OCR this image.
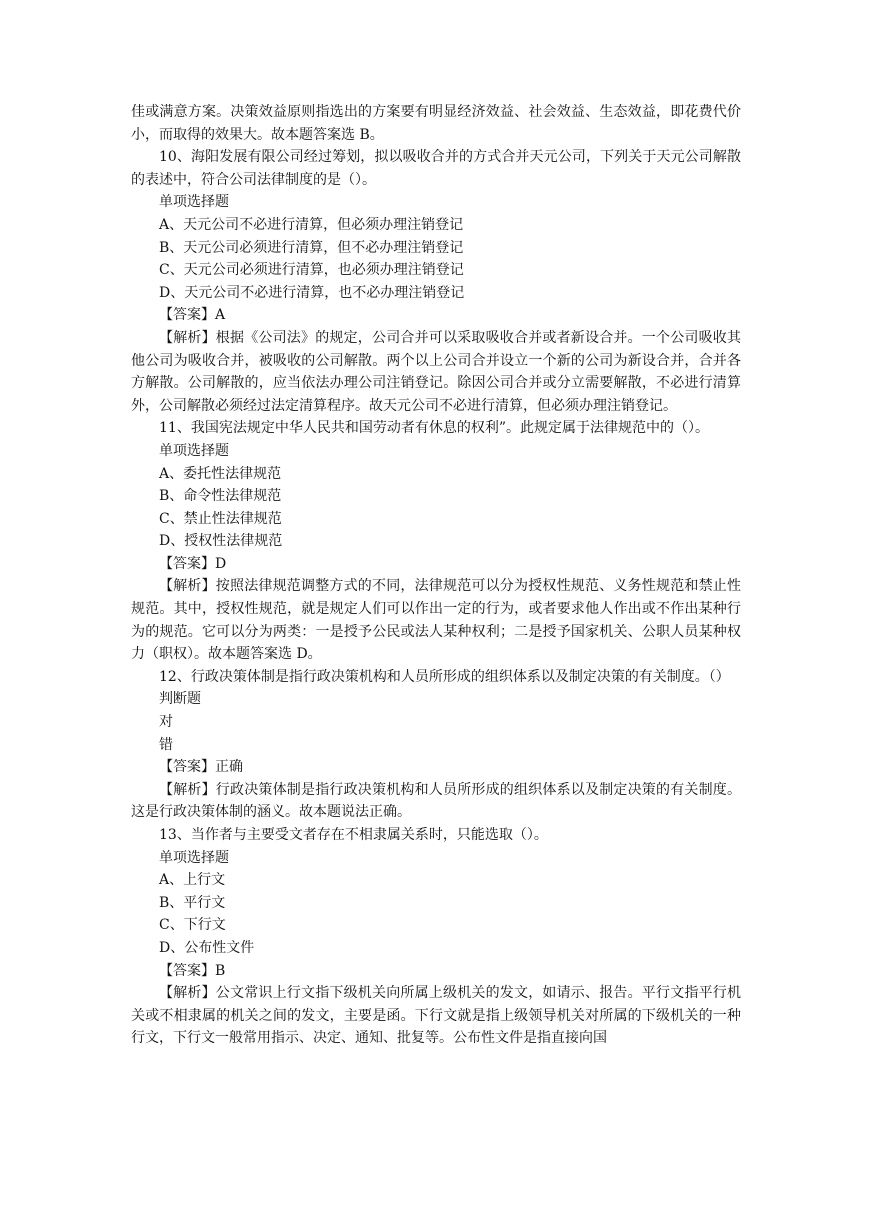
佳或满意方案。决策效益原则指选出的方案要有明显经济效益、社会效益、生态效益，即花费代价小，而取得的效果大。故本题答案选 B。

10、海阳发展有限公司经过筹划，拟以吸收合并的方式合并天元公司，下列关于天元公司解散的表述中，符合公司法律制度的是（）。

单项选择题

A、天元公司不必进行清算，但必须办理注销登记

B、天元公司必须进行清算，但不必办理注销登记

C、天元公司必须进行清算，也必须办理注销登记

D、天元公司不必进行清算，也不必办理注销登记

【答案】A

【解析】根据《公司法》的规定，公司合并可以采取吸收合并或者新设合并。一个公司吸收其他公司为吸收合并，被吸收的公司解散。两个以上公司合并设立一个新的公司为新设合并，合并各方解散。公司解散的，应当依法办理公司注销登记。除因公司合并或分立需要解散，不必进行清算外，公司解散必须经过法定清算程序。故天元公司不必进行清算，但必须办理注销登记。

11、我国宪法规定中华人民共和国劳动者有休息的权利”。此规定属于法律规范中的（）。

单项选择题

A、委托性法律规范

B、命令性法律规范

C、禁止性法律规范

D、授权性法律规范

【答案】D

【解析】按照法律规范调整方式的不同，法律规范可以分为授权性规范、义务性规范和禁止性规范。其中，授权性规范，就是规定人们可以作出一定的行为，或者要求他人作出或不作出某种行为的规范。它可以分为两类：一是授予公民或法人某种权利；二是授予国家机关、公职人员某种权力（职权）。故本题答案选 D。

12、行政决策体制是指行政决策机构和人员所形成的组织体系以及制定决策的有关制度。（）

判断题

对

错

【答案】正确

【解析】行政决策体制是指行政决策机构和人员所形成的组织体系以及制定决策的有关制度。这是行政决策体制的涵义。故本题说法正确。

13、当作者与主要受文者存在不相隶属关系时，只能选取（）。

单项选择题

A、上行文

B、平行文

C、下行文

D、公布性文件

【答案】B

【解析】公文常识上行文指下级机关向所属上级机关的发文，如请示、报告。平行文指平行机关或不相隶属的机关之间的发文，主要是函。下行文就是指上级领导机关对所属的下级机关的一种行文，下行文一般常用指示、决定、通知、批复等。公布性文件是指直接向国
